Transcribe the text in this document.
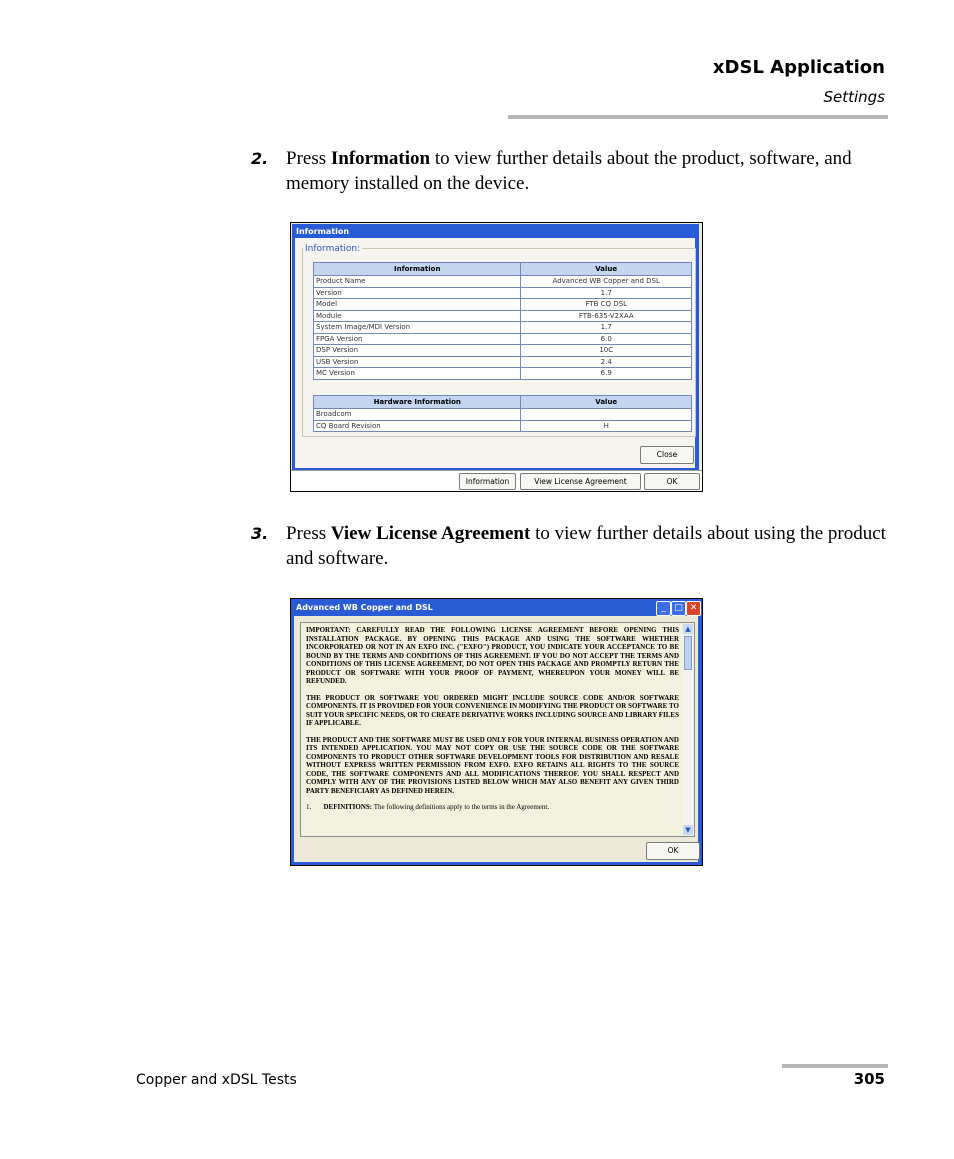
xDSL Application
Settings
2. Press Information to view further details about the product, software, and memory installed on the device.
Information
Information:
Information	Value
Product Name	Advanced WB Copper and DSL
Version	1.7
Model	FTB CQ DSL
Module	FTB-635-V2XAA
System Image/MDI Version	1.7
FPGA Version	6.0
DSP Version	10C
USB Version	2.4
MC Version	6.9
Hardware Information	Value
Broadcom	
CQ Board Revision	H
Close
Information	View License Agreement	OK
3. Press View License Agreement to view further details about using the product and software.
Advanced WB Copper and DSL	_ □ ✕

IMPORTANT: CAREFULLY READ THE FOLLOWING LICENSE AGREEMENT BEFORE OPENING THIS INSTALLATION PACKAGE. BY OPENING THIS PACKAGE AND USING THE SOFTWARE WHETHER INCORPORATED OR NOT IN AN EXFO INC. ("EXFO") PRODUCT, YOU INDICATE YOUR ACCEPTANCE TO BE BOUND BY THE TERMS AND CONDITIONS OF THIS AGREEMENT. IF YOU DO NOT ACCEPT THE TERMS AND CONDITIONS OF THIS LICENSE AGREEMENT, DO NOT OPEN THIS PACKAGE AND PROMPTLY RETURN THE PRODUCT OR SOFTWARE WITH YOUR PROOF OF PAYMENT, WHEREUPON YOUR MONEY WILL BE REFUNDED.

THE PRODUCT OR SOFTWARE YOU ORDERED MIGHT INCLUDE SOURCE CODE AND/OR SOFTWARE COMPONENTS. IT IS PROVIDED FOR YOUR CONVENIENCE IN MODIFYING THE PRODUCT OR SOFTWARE TO SUIT YOUR SPECIFIC NEEDS, OR TO CREATE DERIVATIVE WORKS INCLUDING SOURCE AND LIBRARY FILES IF APPLICABLE.

THE PRODUCT AND THE SOFTWARE MUST BE USED ONLY FOR YOUR INTERNAL BUSINESS OPERATION AND ITS INTENDED APPLICATION. YOU MAY NOT COPY OR USE THE SOURCE CODE OR THE SOFTWARE COMPONENTS TO PRODUCT OTHER SOFTWARE DEVELOPMENT TOOLS FOR DISTRIBUTION AND RESALE WITHOUT EXPRESS WRITTEN PERMISSION FROM EXFO. EXFO RETAINS ALL RIGHTS TO THE SOURCE CODE, THE SOFTWARE COMPONENTS AND ALL MODIFICATIONS THEREOF. YOU SHALL RESPECT AND COMPLY WITH ANY OF THE PROVISIONS LISTED BELOW WHICH MAY ALSO BENEFIT ANY GIVEN THIRD PARTY BENEFICIARY AS DEFINED HEREIN.

1. DEFINITIONS: The following definitions apply to the terms in the Agreement.

▲
▼
OK
Copper and xDSL Tests	305
